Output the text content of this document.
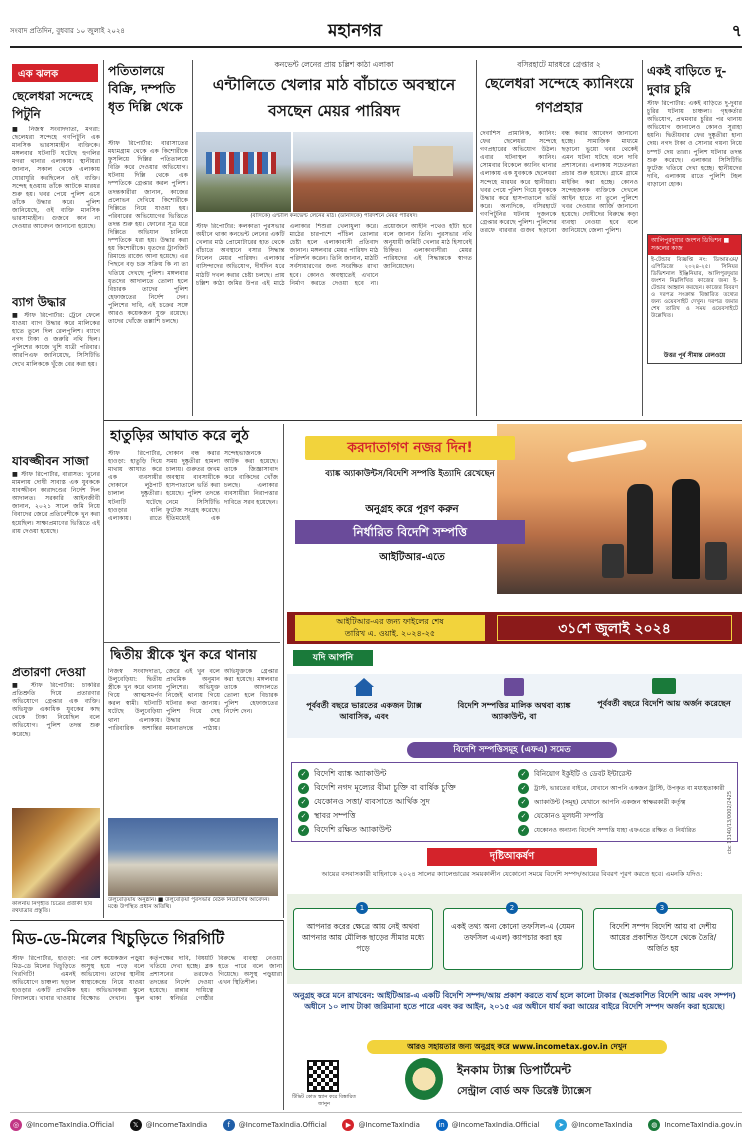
সংবাদ প্রতিদিন, বুধবার ১০ জুলাই ২০২৪	মহানগর	৭
এক ঝলক
ছেলেধরা সন্দেহে পিটুনি
■ নিজস্ব সংবাদদাতা, মগরা: ছেলেধরা সন্দেহে গণপিটুনি এক মানসিক ভারসাম্যহীন ব্যক্তিকে। মঙ্গলবার ঘটনাটি ঘটেছে হুগলির মগরা থানার এলাকায়। স্থানীয়রা জানান, সকাল থেকে এলাকায় ঘোরাঘুরি করছিলেন ওই ব্যক্তি। সন্দেহ হওয়ায় তাঁকে আটকে মারধর শুরু হয়। খবর পেয়ে পুলিশ এসে তাঁকে উদ্ধার করে। পুলিশ জানিয়েছে, ওই ব্যক্তি মানসিক ভারসাম্যহীন। গুজবে কান না দেওয়ার আবেদন জানানো হয়েছে।
ব্যাগ উদ্ধার
■ স্টাফ রিপোর্টার: ট্রেনে ফেলে যাওয়া ব্যাগ উদ্ধার করে মালিকের হাতে তুলে দিল রেলপুলিশ। ব্যাগে নগদ টাকা ও জরুরি নথি ছিল। পুলিশের কাজে খুশি যাত্রী পরিবার। আরপিএফ জানিয়েছে, সিসিটিভি দেখে মালিককে খুঁজে বের করা হয়।
যাবজ্জীবন সাজা
■ স্টাফ রিপোর্টার, বারাসত: খুনের মামলায় দোষী সাব্যস্ত এক যুবককে যাবজ্জীবন কারাদণ্ডের নির্দেশ দিল আদালত। সরকারি আইনজীবী জানান, ২০২১ সালে জমি নিয়ে বিবাদের জেরে প্রতিবেশীকে খুন করা হয়েছিল। সাক্ষ্যপ্রমাণের ভিত্তিতে এই রায় দেওয়া হয়েছে।
প্রতারণা দেওয়া
■ স্টাফ রিপোর্টার: চাকরির প্রতিশ্রুতি দিয়ে প্রতারণার অভিযোগে গ্রেপ্তার এক ব্যক্তি। অভিযুক্ত একাধিক যুবকের কাছ থেকে টাকা নিয়েছিল বলে অভিযোগ। পুলিশ তদন্ত শুরু করেছে।
কালনায় নিগৃহীত চিত্রের প্রতীকী ছবি রথযাত্রার প্রস্তুতি।
পতিতালয়ে বিক্রি, দম্পতি ধৃত দিল্লি থেকে
স্টাফ রিপোর্টার: বারাসাতের মধ্যমগ্রাম থেকে এক কিশোরীকে ফুসলিয়ে দিল্লির পতিতালয়ে বিক্রি করে দেওয়ার অভিযোগ। ঘটনায় দিল্লি থেকে এক দম্পতিকে গ্রেপ্তার করল পুলিশ। তদন্তকারীরা জানান, কাজের প্রলোভন দেখিয়ে কিশোরীকে দিল্লিতে নিয়ে যাওয়া হয়। পরিবারের অভিযোগের ভিত্তিতে তদন্ত শুরু হয়। ফোনের সূত্র ধরে দিল্লিতে অভিযান চালিয়ে দম্পতিকে ধরা হয়। উদ্ধার করা হয় কিশোরীকে। ধৃতদের ট্রানজিট রিমান্ডে রাজ্যে আনা হয়েছে। এর পিছনে বড় চক্র সক্রিয় কি না তা খতিয়ে দেখছে পুলিশ। মঙ্গলবার ধৃতদের আদালতে তোলা হলে বিচারক তাদের পুলিশ হেফাজতের নির্দেশ দেন। পুলিশের দাবি, এই চক্রের সঙ্গে আরও কয়েকজন যুক্ত রয়েছে। তাদের খোঁজে তল্লাশি চলছে।
কনভেন্ট লেনের প্রায় চল্লিশ কাঠা এলাকা
এন্টালিতে খেলার মাঠ বাঁচাতে অবস্থানে বসছেন মেয়র পারিষদ
(বাঁদিকে) এন্টালি কনভেন্ট লেনের মাঠ। (ডানদিকে) পরিদর্শনে মেয়র পারিষদ।
স্টাফ রিপোর্টার: কলকাতা পুরসভার অধীনে থাকা কনভেন্ট লেনের একটি খেলার মাঠ প্রোমোটারের হাত থেকে বাঁচাতে অবস্থানে বসার সিদ্ধান্ত নিলেন মেয়র পারিষদ। এলাকার বাসিন্দাদের অভিযোগ, দীর্ঘদিন ধরে মাঠটি দখল করার চেষ্টা চলছে। প্রায় চল্লিশ কাঠা জমির উপর এই মাঠে এলাকার শিশুরা খেলাধুলা করে। মাঠের চারপাশে পাঁচিল তোলার চেষ্টা হলে এলাকাবাসী প্রতিবাদ জানান। মঙ্গলবার মেয়র পারিষদ মাঠ পরিদর্শন করেন। তিনি জানান, মাঠটি সর্বসাধারণের জন্য সংরক্ষিত রাখা হবে। কোনও অবস্থাতেই এখানে নির্মাণ করতে দেওয়া হবে না। প্রয়োজনে আইনি পথেও হাঁটা হবে বলে জানান তিনি। পুরসভার নথি অনুযায়ী জমিটি খেলার মাঠ হিসাবেই চিহ্নিত। এলাকাবাসীরা মেয়র পারিষদের এই সিদ্ধান্তকে স্বাগত জানিয়েছেন।
বসিরহাটে মারধরে গ্রেপ্তার ২
ছেলেধরা সন্দেহে ক্যানিংয়ে গণপ্রহার
দেবাশিস প্রামানিক, ক্যানিং: ফের ছেলেধরা সন্দেহে গণপ্রহারের অভিযোগ উঠল। এবার ঘটনাস্থল ক্যানিং। সোমবার বিকেলে ক্যানিং থানার এলাকায় এক যুবককে ছেলেধরা সন্দেহে মারধর করে স্থানীয়রা। খবর পেয়ে পুলিশ গিয়ে যুবককে উদ্ধার করে হাসপাতালে ভর্তি করে। অন্যদিকে, বসিরহাটে গণপিটুনির ঘটনায় দুজনকে গ্রেপ্তার করেছে পুলিশ। পুলিশের তরফে বারবার গুজব ছড়ানো বন্ধ করার আবেদন জানানো হচ্ছে। সামাজিক মাধ্যমে ছড়ানো ভুয়ো খবর থেকেই এমন ঘটনা ঘটছে বলে দাবি প্রশাসনের। এলাকায় সচেতনতা প্রচার শুরু হয়েছে। গ্রামে গ্রামে মাইকিং করা হচ্ছে। কোনও সন্দেহজনক ব্যক্তিকে দেখলে আইন হাতে না তুলে পুলিশে খবর দেওয়ার আর্জি জানানো হয়েছে। দোষীদের বিরুদ্ধে কড়া ব্যবস্থা নেওয়া হবে বলে জানিয়েছে জেলা পুলিশ।
একই বাড়িতে দু-দুবার চুরি
স্টাফ রিপোর্টার: একই বাড়িতে দু-দুবার চুরির ঘটনায় চাঞ্চল্য। গৃহকর্তার অভিযোগ, প্রথমবার চুরির পর থানায় অভিযোগ জানালেও কোনও সুরাহা হয়নি। দ্বিতীয়বার ফের দুষ্কৃতীরা হানা দেয়। নগদ টাকা ও সোনার গয়না নিয়ে চম্পট দেয় তারা। পুলিশ ঘটনার তদন্ত শুরু করেছে। এলাকার সিসিটিভি ফুটেজ খতিয়ে দেখা হচ্ছে। স্থানীয়দের দাবি, এলাকায় রাতে পুলিশি টহল বাড়ানো হোক।
আলিপুরদুয়ার জংশন ডিভিশন ■ সকলের কাজ
ই-টেন্ডার বিজ্ঞপ্তি নং: ডিআরএম/এপিডিজে ২০২৪-২৫। সিনিয়র ডিভিশনাল ইঞ্জিনিয়ার, আলিপুরদুয়ার জংশন নিম্নলিখিত কাজের জন্য ই-টেন্ডার আহ্বান করছেন। কাজের বিবরণ ও দরপত্র সংক্রান্ত বিস্তারিত তথ্যের জন্য ওয়েবসাইট দেখুন। দরপত্র জমার শেষ তারিখ ও সময় ওয়েবসাইটে উল্লেখিত।
উত্তর পূর্ব সীমান্ত রেলওয়ে
হাতুড়ির আঘাত করে লুঠ
স্টাফ রিপোর্টার, হাওড়া: হাতুড়ি দিয়ে মাথায় আঘাত করে এক ব্যবসায়ীর দোকানে লুঠপাট চালাল দুষ্কৃতীরা। ঘটনাটি ঘটেছে হাওড়ার বালি এলাকায়। রাতে দোকান বন্ধ করার সময় দুষ্কৃতীরা হামলা চালায়। গুরুতর জখম অবস্থায় ব্যবসায়ীকে হাসপাতালে ভর্তি করা হয়েছে। পুলিশ তদন্তে নেমে সিসিটিভি ফুটেজ সংগ্রহ করেছে। ইতিমধ্যেই এক সন্দেহভাজনকে আটক করা হয়েছে। তাকে জিজ্ঞাসাবাদ করে বাকিদের খোঁজ চলছে। এলাকার ব্যবসায়ীরা নিরাপত্তার দাবিতে সরব হয়েছেন।
দ্বিতীয় স্ত্রীকে খুন করে থানায়
নিজস্ব সংবাদদাতা, উলুবেড়িয়া: দ্বিতীয় স্ত্রীকে খুন করে থানায় গিয়ে আত্মসমর্পণ করল স্বামী। ঘটনাটি ঘটেছে উলুবেড়িয়া থানা এলাকায়। পারিবারিক অশান্তির জেরে এই খুন বলে প্রাথমিক অনুমান পুলিশের। অভিযুক্ত নিজেই থানায় গিয়ে ঘটনার কথা জানায়। পুলিশ গিয়ে দেহ উদ্ধার করে ময়নাতদন্তে পাঠায়। অভিযুক্তকে গ্রেপ্তার করা হয়েছে। মঙ্গলবার তাকে আদালতে তোলা হলে বিচারক পুলিশ হেফাজতের নির্দেশ দেন।
উলুবেড়িয়ায় অনুষ্ঠান। ■ উলুবেড়িয়া পুরসভার বৈঠক নিয়োগের আবেদন। মঞ্চে উপস্থিত প্রধান অতিথি।
করদাতাগণ নজর দিন!
ব্যাঙ্ক অ্যাকাউন্টস/বিদেশি সম্পত্তি ইত্যাদি রেখেছেন
অনুগ্রহ করে পূরণ করুন
নির্ধারিত বিদেশি সম্পত্তি
আইটিআর-এতে
আইটিআর-এর জন্য ফাইলের শেষ
তারিখ এ. ওয়াই. ২০২৪-২৫	৩১শে জুলাই ২০২৪
যদি আপনি
পূর্ববর্তী বছরে ভারতের একজন ট্যাক্স আবাসিক, এবং
বিদেশি সম্পত্তির মালিক অথবা ব্যাঙ্ক অ্যাকাউন্ট, বা
পূর্ববর্তী বছরে বিদেশি আয় অর্জন করেছেন
বিদেশি সম্পত্তিসমূহ (এফএ) সমেত
✓ বিদেশি ব্যাঙ্ক অ্যাকাউন্ট
✓ বিদেশি নগদ মূল্যের বীমা চুক্তি বা বার্ষিক চুক্তি
✓ যেকোনও সত্তা/ ব্যবসাতে আর্থিক সুদ
✓ স্থাবর সম্পত্তি
✓ বিদেশি রক্ষিত অ্যাকাউন্ট
✓	বিনিয়োগ ইকুইটি ও ডেবট ইন্টারেস্ট
✓	ট্রাস্ট, ভারতের বাইরে, যেখানে আপনি একজন ট্রাস্টি, উপকৃত বা মধ্যস্থতাকারী
✓	অ্যাকাউন্ট (সমূহ) যেখানে আপনি একজন স্বাক্ষরকারী কর্তৃত্ব
✓	যেকোনও মূলধনী সম্পত্তি
✓	যেকোনও অন্যান্য বিদেশি সম্পত্তি যাহা এফএতে রক্ষিত ও নির্ধারিত
দৃষ্টিআকর্ষণ
আয়ের বসবাসকারী যাহিনাকে ২০২৪ সালের ক্যালেন্ডারের সময়কালীন যেকোনো সময়ে বিদেশি সম্পদ/আয়ের বিবরণ পূরণ করতে হবে। এমনকি যদিও:
1
আপনার করের ক্ষেত্রে আয় নেই অথবা আপনার আয় মৌলিক ছাড়ের সীমার মধ্যে পড়ে
2
একই তথ্য অন্য কোনো তফসিল-এ (যেমন তফসিল এএল) ক্যাপচার করা হয়
3
বিদেশি সম্পদ বিদেশি আয় বা দেশীয় আয়ের প্রকাশিত উৎসে থেকে তৈরি/ অর্জিত হয়
cbc 13140/13/0002/2425
অনুগ্রহ করে মনে রাখবেন: আইটিআর-এ একটি বিদেশি সম্পদ/আয় প্রকাশ করতে ব্যর্থ হলে কালো টাকার (অপ্রকাশিত বিদেশি আয় এবং সম্পদ) অধীনে ১০ লাখ টাকা জরিমানা হতে পারে এবং কর আইন, ২০১৫ এর অধীনে ধার্য করা আয়ের বাইরে বিদেশি সম্পদ অর্জন করা হয়েছে।
আরও সহায়তার জন্য অনুগ্রহ করে www.incometax.gov.in দেখুন
টিভিট কোড স্ক্যান করে বিস্তারিত জানুন
ইনকাম ট্যাক্স ডিপার্টমেন্ট
সেন্ট্রাল বোর্ড অফ ডিরেক্ট ট্যাক্সেস
মিড-ডে-মিলের খিচুড়িতে গিরগিটি
স্টাফ রিপোর্টার, হাওড়া: মিড-ডে মিলের খিচুড়িতে গিরগিটি! এমনই অভিযোগে চাঞ্চল্য ছড়াল হাওড়ার একটি প্রাথমিক বিদ্যালয়ে। খাবার খাওয়ার পর বেশ কয়েকজন পড়ুয়া অসুস্থ হয়ে পড়ে বলে অভিযোগ। তাদের স্থানীয় স্বাস্থ্যকেন্দ্রে নিয়ে যাওয়া হয়। অভিভাবকরা স্কুলে বিক্ষোভ দেখান। স্কুল কর্তৃপক্ষের দাবি, বিষয়টি খতিয়ে দেখা হচ্ছে। ব্লক প্রশাসনের তরফেও তদন্তের নির্দেশ দেওয়া হয়েছে। রান্নার দায়িত্বে থাকা স্বনির্ভর গোষ্ঠীর বিরুদ্ধে ব্যবস্থা নেওয়া হতে পারে বলে জানা গিয়েছে। অসুস্থ পড়ুয়ারা এখন স্থিতিশীল।
◎ @IncomeTaxIndia.Official	𝕏	@IncomeTaxIndia	f	@IncomeTaxIndia.Official	▶	@IncomeTaxIndia	in @IncomeTaxIndia.Official	➤	@IncomeTaxIndia	◍ IncomeTaxIndia.gov.in
